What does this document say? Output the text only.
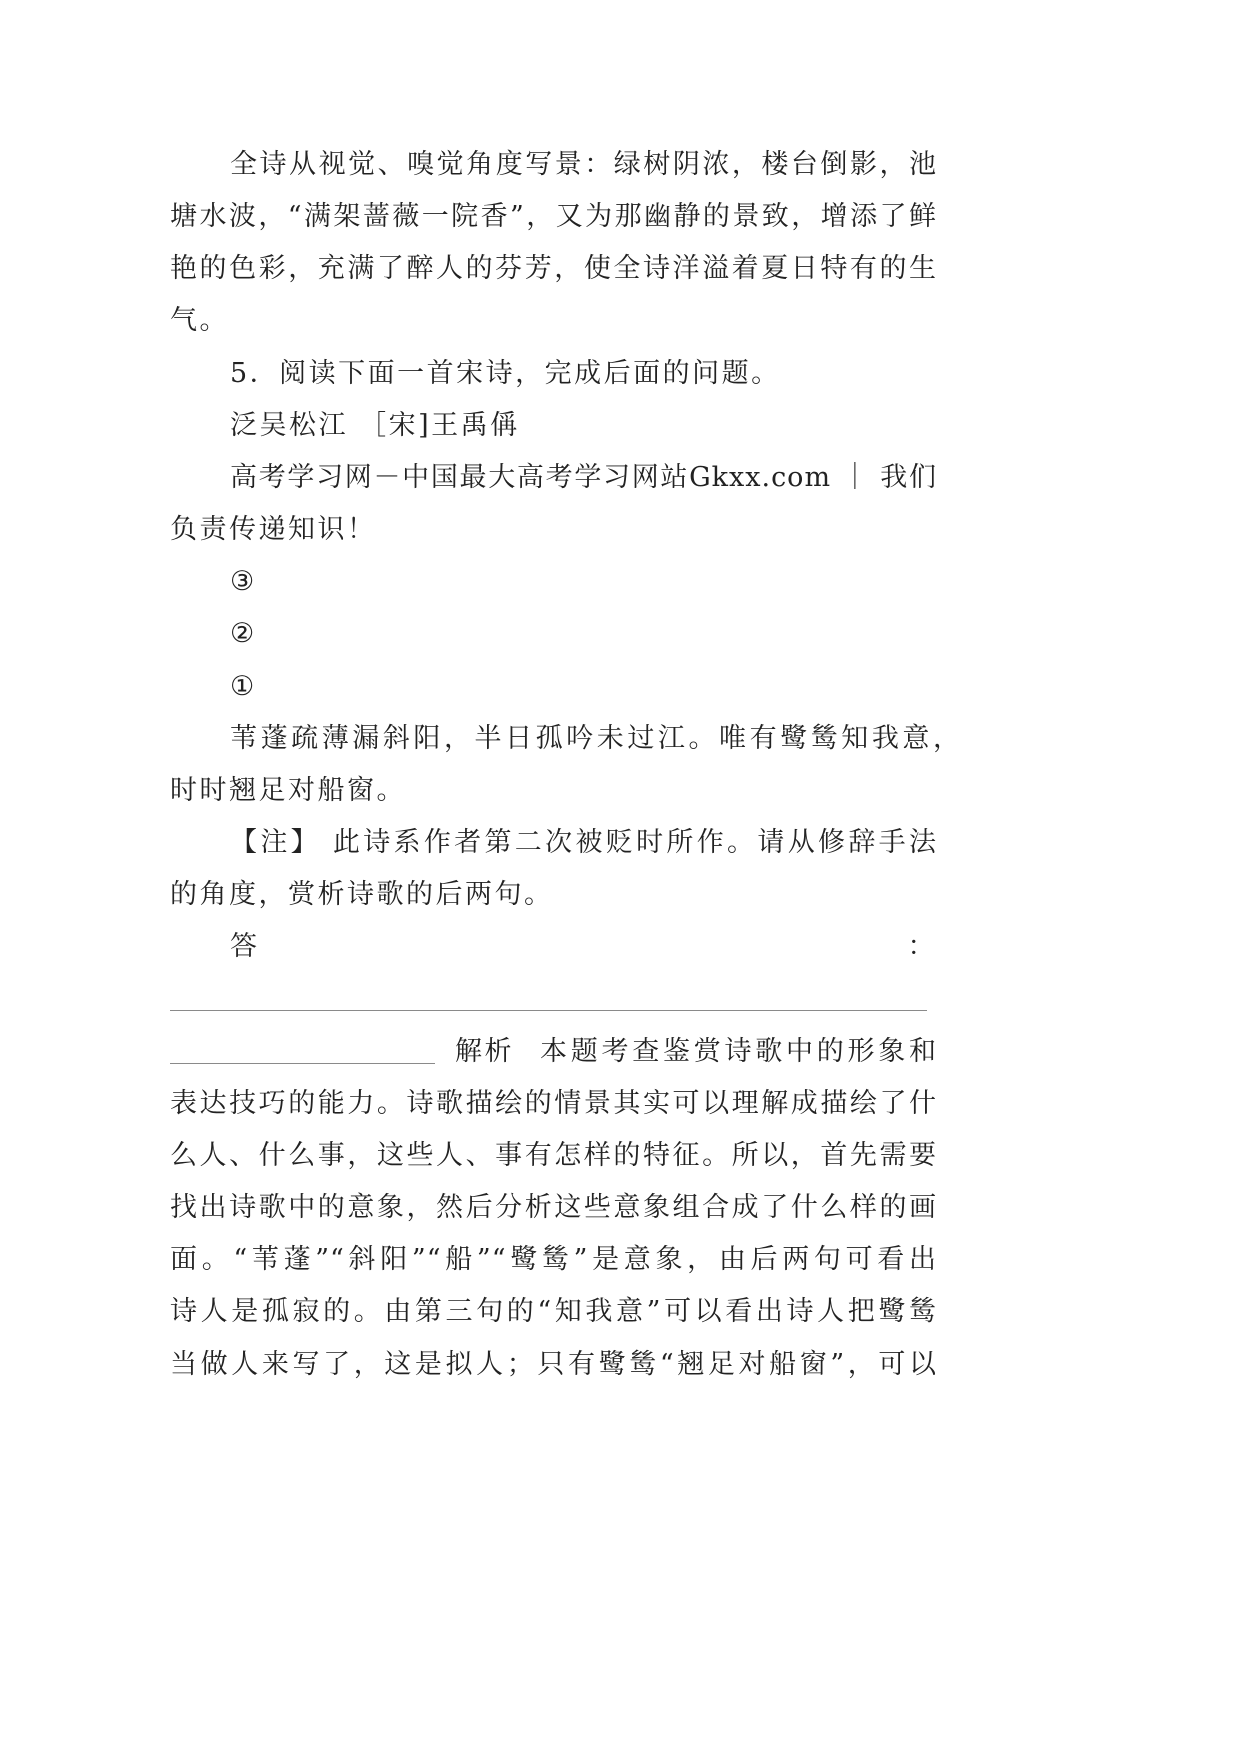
全诗从视觉、嗅觉角度写景：绿树阴浓，楼台倒影，池
塘水波，“满架蔷薇一院香”，又为那幽静的景致，增添了鲜
艳的色彩，充满了醉人的芬芳，使全诗洋溢着夏日特有的生
气。
5．阅读下面一首宋诗，完成后面的问题。
泛吴松江 ［宋]王禹偁
高考学习网－中国最大高考学习网站Gkxx.com ｜ 我们
负责传递知识！
③
②
①
苇蓬疏薄漏斜阳，半日孤吟未过江。唯有鹭鸶知我意，
时时翘足对船窗。
【注】 此诗系作者第二次被贬时所作。请从修辞手法
的角度，赏析诗歌的后两句。
答	：
解析 本题考查鉴赏诗歌中的形象和
表达技巧的能力。诗歌描绘的情景其实可以理解成描绘了什
么人、什么事，这些人、事有怎样的特征。所以，首先需要
找出诗歌中的意象，然后分析这些意象组合成了什么样的画
面。“苇蓬”“斜阳”“船”“鹭鸶”是意象，由后两句可看出
诗人是孤寂的。由第三句的“知我意”可以看出诗人把鹭鸶
当做人来写了，这是拟人；只有鹭鸶“翘足对船窗”，可以
